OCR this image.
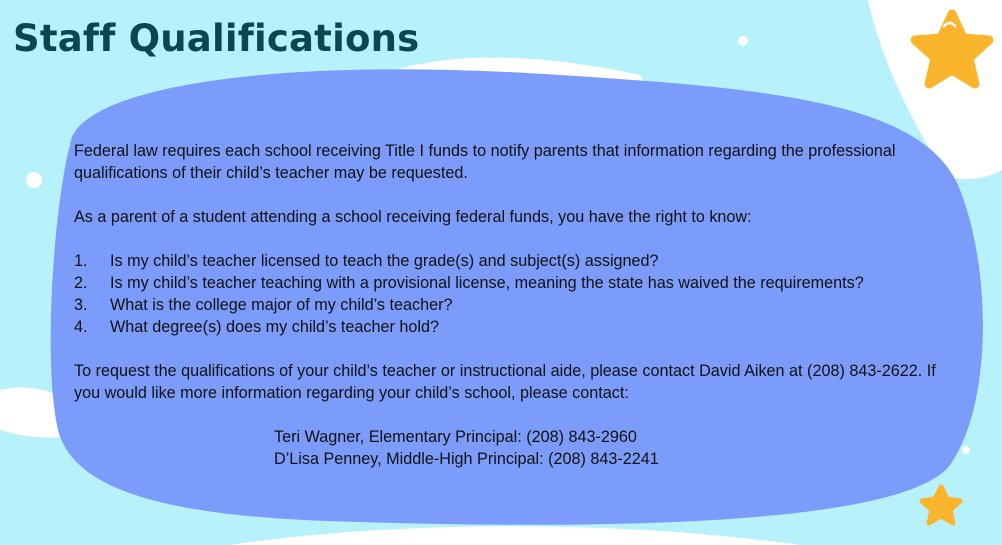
Staff Qualifications

Federal law requires each school receiving Title I funds to notify parents that information regarding the professional qualifications of their child’s teacher may be requested.

As a parent of a student attending a school receiving federal funds, you have the right to know:

1.	Is my child’s teacher licensed to teach the grade(s) and subject(s) assigned?
2.	Is my child’s teacher teaching with a provisional license, meaning the state has waived the requirements?
3.	What is the college major of my child’s teacher?
4.	What degree(s) does my child’s teacher hold?

To request the qualifications of your child’s teacher or instructional aide, please contact David Aiken at (208) 843-2622. If you would like more information regarding your child’s school, please contact:

Teri Wagner, Elementary Principal: (208) 843-2960

D’Lisa Penney, Middle-High Principal: (208) 843-2241
